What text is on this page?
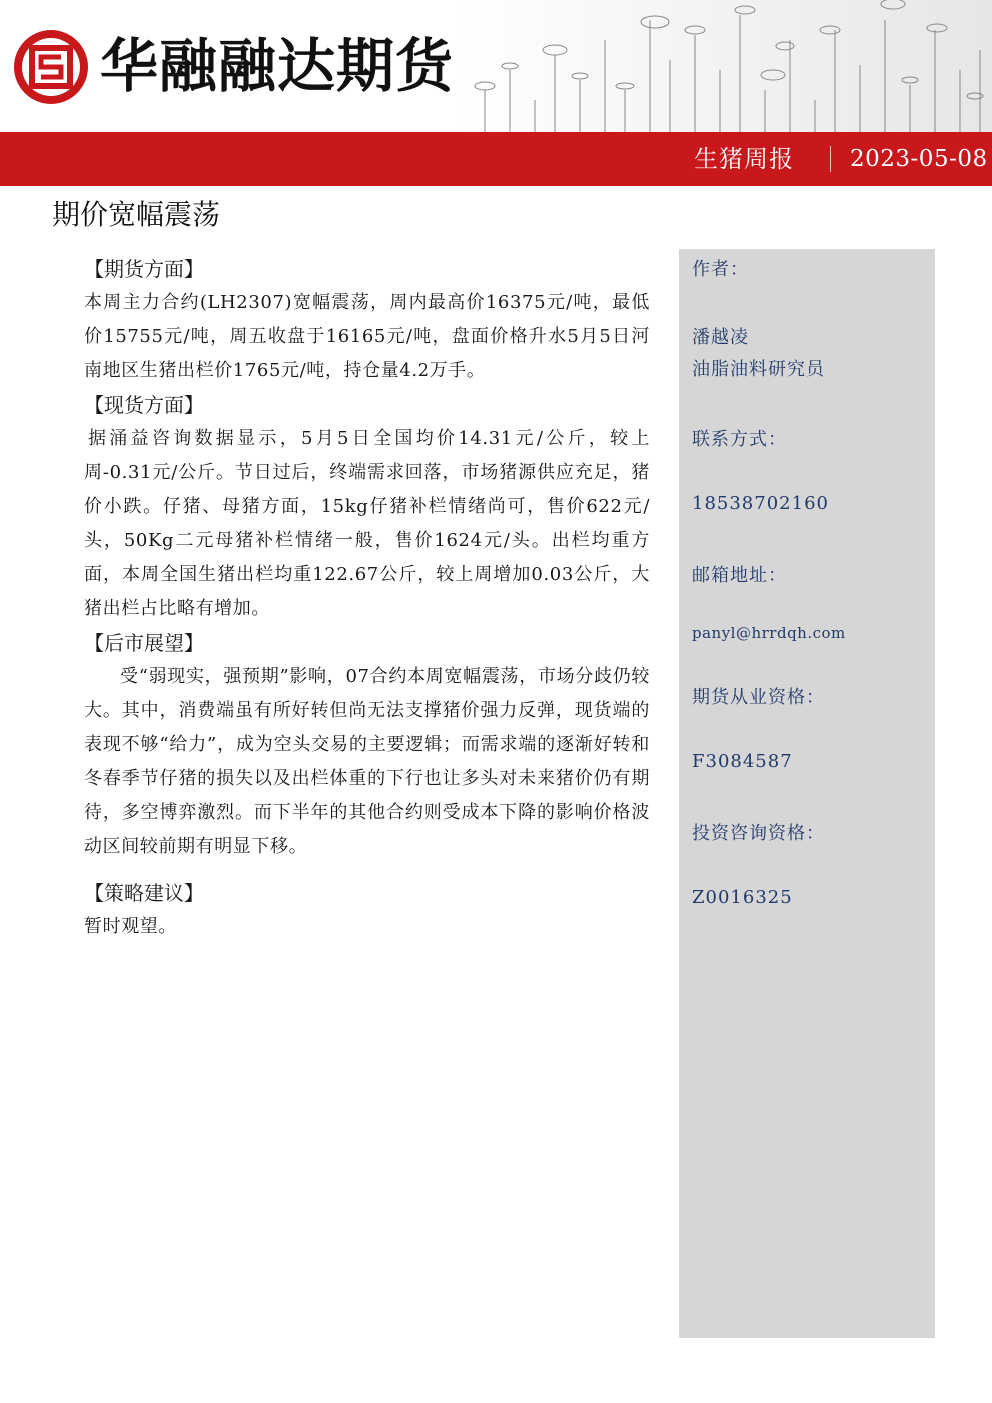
华融融达期货
生猪周报 2023-05-08
期价宽幅震荡
【期货方面】

本周主力合约(LH2307)宽幅震荡，周内最高价16375元/吨，最低价15755元/吨，周五收盘于16165元/吨，盘面价格升水5月5日河南地区生猪出栏价1765元/吨，持仓量4.2万手。

【现货方面】

据涌益咨询数据显示，5月5日全国均价14.31元/公斤，较上周-0.31元/公斤。节日过后，终端需求回落，市场猪源供应充足，猪价小跌。仔猪、母猪方面，15kg仔猪补栏情绪尚可，售价622元/头，50Kg二元母猪补栏情绪一般，售价1624元/头。出栏均重方面，本周全国生猪出栏均重122.67公斤，较上周增加0.03公斤，大猪出栏占比略有增加。

【后市展望】

受“弱现实，强预期”影响，07合约本周宽幅震荡，市场分歧仍较大。其中，消费端虽有所好转但尚无法支撑猪价强力反弹，现货端的表现不够“给力”，成为空头交易的主要逻辑；而需求端的逐渐好转和冬春季节仔猪的损失以及出栏体重的下行也让多头对未来猪价仍有期待，多空博弈激烈。而下半年的其他合约则受成本下降的影响价格波动区间较前期有明显下移。

【策略建议】

暂时观望。

作者：
潘越凌
油脂油料研究员
联系方式：
18538702160
邮箱地址：
panyl@hrrdqh.com
期货从业资格：
F3084587
投资咨询资格：
Z0016325
